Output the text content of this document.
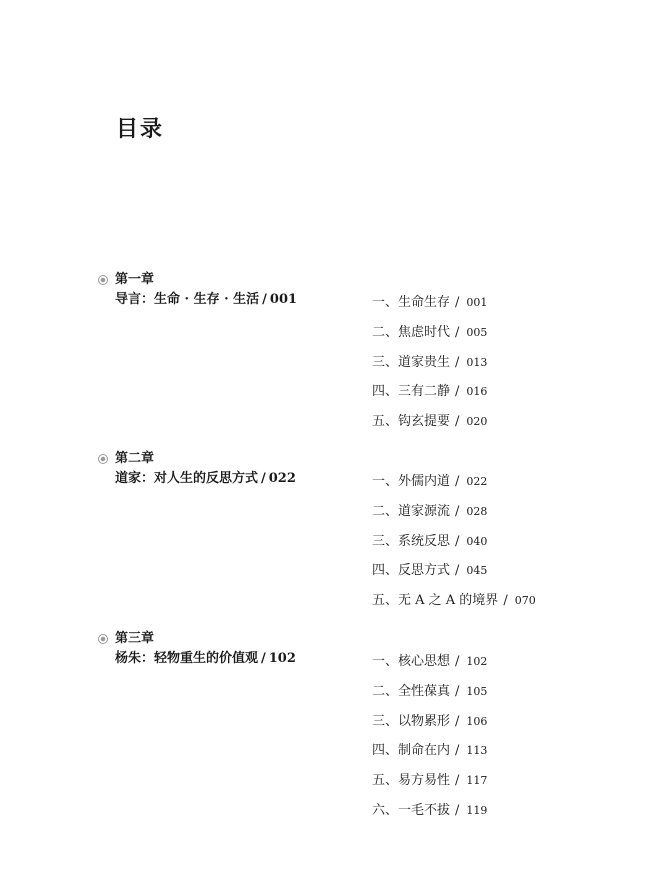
目录
第一章
导言：生命 · 生存 · 生活 / 001	一、生命生存 / 001
二、焦虑时代 / 005
三、道家贵生 / 013
四、三有二静 / 016
五、钩玄提要 / 020
第二章
道家：对人生的反思方式 / 022	一、外儒内道 / 022
二、道家源流 / 028
三、系统反思 / 040
四、反思方式 / 045
五、无 A 之 A 的境界 / 070
第三章
杨朱：轻物重生的价值观 / 102	一、核心思想 / 102
二、全性葆真 / 105
三、以物累形 / 106
四、制命在内 / 113
五、易方易性 / 117
六、一毛不拔 / 119
